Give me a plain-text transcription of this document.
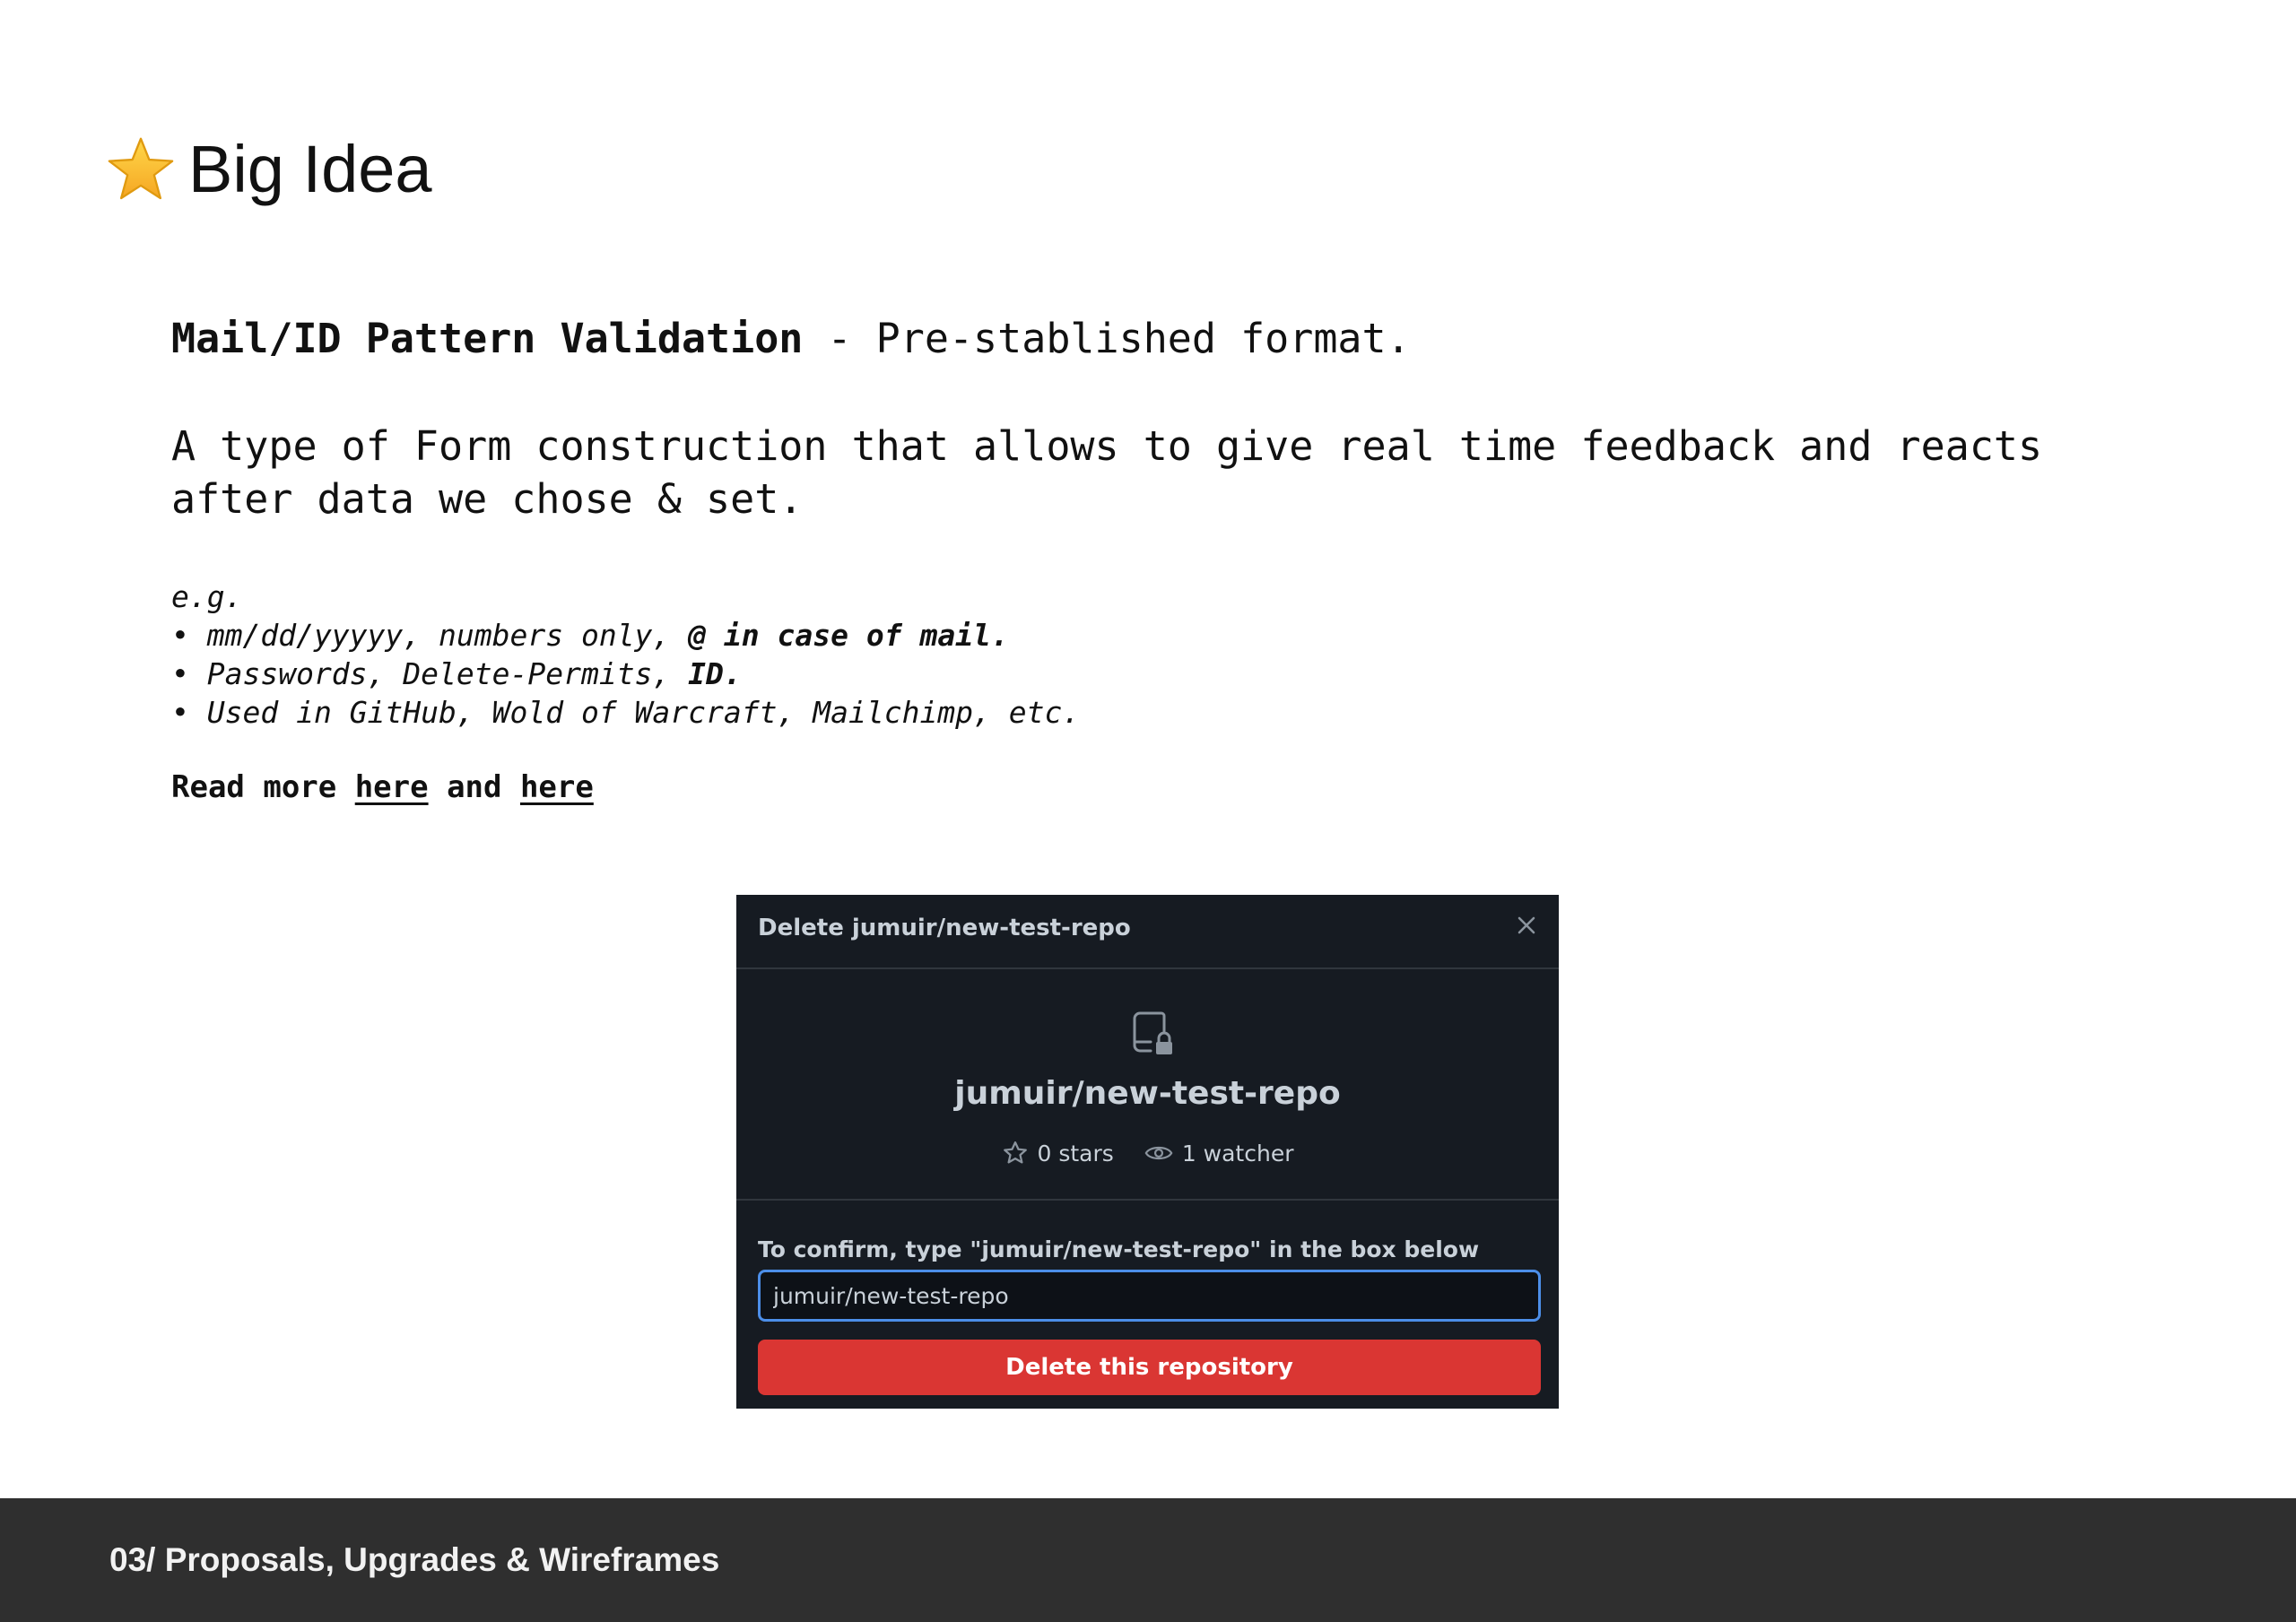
Big Idea

Mail/ID Pattern Validation - Pre-stablished format.

A type of Form construction that allows to give real time feedback and reacts after data we chose & set.

e.g.
• mm/dd/yyyyy, numbers only, @ in case of mail.
• Passwords, Delete-Permits, ID.
• Used in GitHub, Wold of Warcraft, Mailchimp, etc.

Read more here and here

Delete jumuir/new-test-repo
jumuir/new-test-repo
0 stars	1 watcher
To confirm, type "jumuir/new-test-repo" in the box below
jumuir/new-test-repo
Delete this repository
03/ Proposals, Upgrades & Wireframes
